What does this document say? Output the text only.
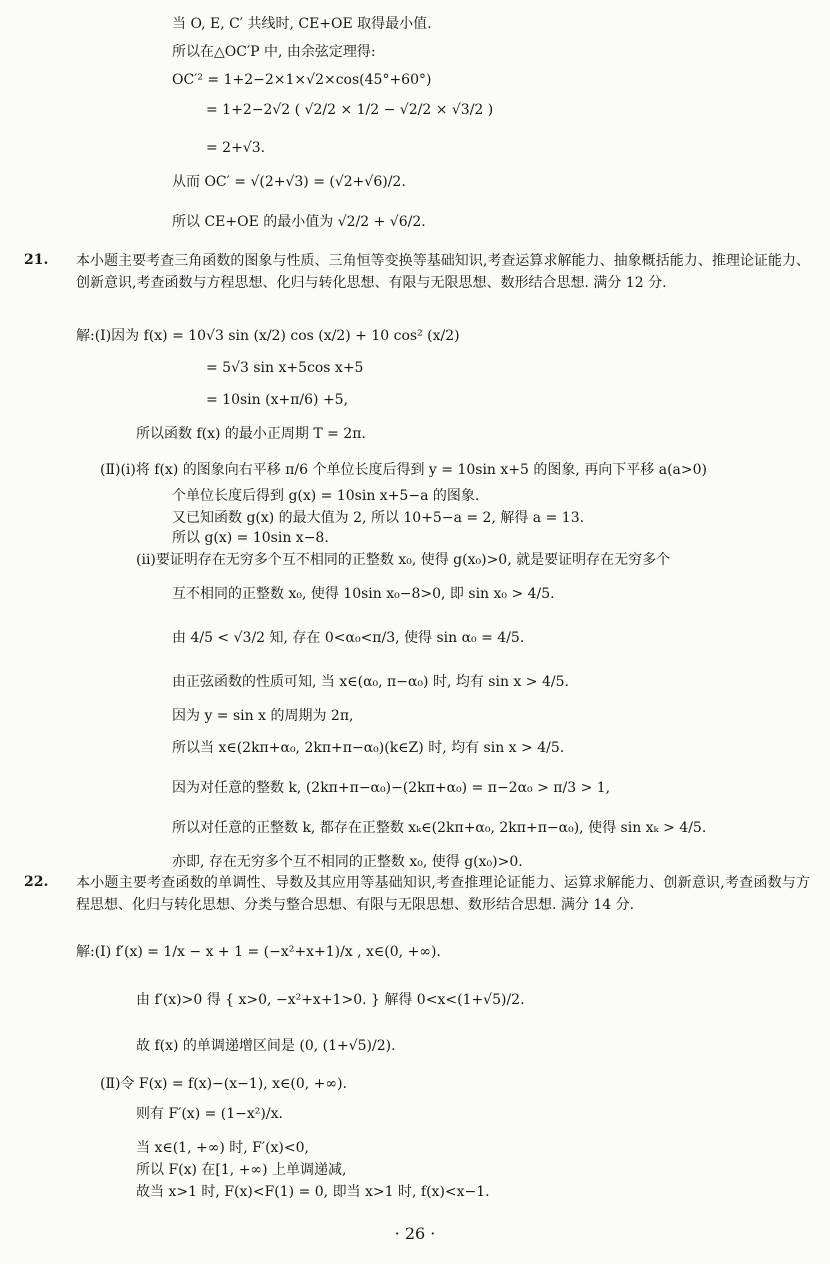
当 O, E, C′ 共线时, CE+OE 取得最小值.
所以在△OC′P 中, 由余弦定理得:
OC′² = 1+2−2×1×√2×cos(45°+60°)
= 1+2−2√2 ( √2/2 × 1/2 − √2/2 × √3/2 )
= 2+√3.
从而 OC′ = √(2+√3) = (√2+√6)/2.
所以 CE+OE 的最小值为 √2/2 + √6/2.
21. 本小题主要考查三角函数的图象与性质、三角恒等变换等基础知识,考查运算求解能力、抽象概括能力、推理论证能力、创新意识,考查函数与方程思想、化归与转化思想、有限与无限思想、数形结合思想. 满分 12 分.
解:(Ⅰ)因为 f(x) = 10√3 sin (x/2) cos (x/2) + 10 cos² (x/2)
= 5√3 sin x+5cos x+5
= 10sin (x+π/6) +5,
所以函数 f(x) 的最小正周期 T = 2π.
(Ⅱ)(ⅰ)将 f(x) 的图象向右平移 π/6 个单位长度后得到 y = 10sin x+5 的图象, 再向下平移 a(a>0)
个单位长度后得到 g(x) = 10sin x+5−a 的图象.
又已知函数 g(x) 的最大值为 2, 所以 10+5−a = 2, 解得 a = 13.
所以 g(x) = 10sin x−8.
(ⅱ)要证明存在无穷多个互不相同的正整数 x₀, 使得 g(x₀)>0, 就是要证明存在无穷多个
互不相同的正整数 x₀, 使得 10sin x₀−8>0, 即 sin x₀ > 4/5.
由 4/5 < √3/2 知, 存在 0<α₀<π/3, 使得 sin α₀ = 4/5.
由正弦函数的性质可知, 当 x∈(α₀, π−α₀) 时, 均有 sin x > 4/5.
因为 y = sin x 的周期为 2π,
所以当 x∈(2kπ+α₀, 2kπ+π−α₀)(k∈Z) 时, 均有 sin x > 4/5.
因为对任意的整数 k, (2kπ+π−α₀)−(2kπ+α₀) = π−2α₀ > π/3 > 1,
所以对任意的正整数 k, 都存在正整数 xₖ∈(2kπ+α₀, 2kπ+π−α₀), 使得 sin xₖ > 4/5.
亦即, 存在无穷多个互不相同的正整数 x₀, 使得 g(x₀)>0.
22. 本小题主要考查函数的单调性、导数及其应用等基础知识,考查推理论证能力、运算求解能力、创新意识,考查函数与方程思想、化归与转化思想、分类与整合思想、有限与无限思想、数形结合思想. 满分 14 分.
解:(Ⅰ) f′(x) = 1/x − x + 1 = (−x²+x+1)/x , x∈(0, +∞).
由 f′(x)>0 得 { x>0, −x²+x+1>0. } 解得 0<x<(1+√5)/2.
故 f(x) 的单调递增区间是 (0, (1+√5)/2).
(Ⅱ)令 F(x) = f(x)−(x−1), x∈(0, +∞).
则有 F′(x) = (1−x²)/x.
当 x∈(1, +∞) 时, F′(x)<0,
所以 F(x) 在[1, +∞) 上单调递减,
故当 x>1 时, F(x)<F(1) = 0, 即当 x>1 时, f(x)<x−1.
· 26 ·
